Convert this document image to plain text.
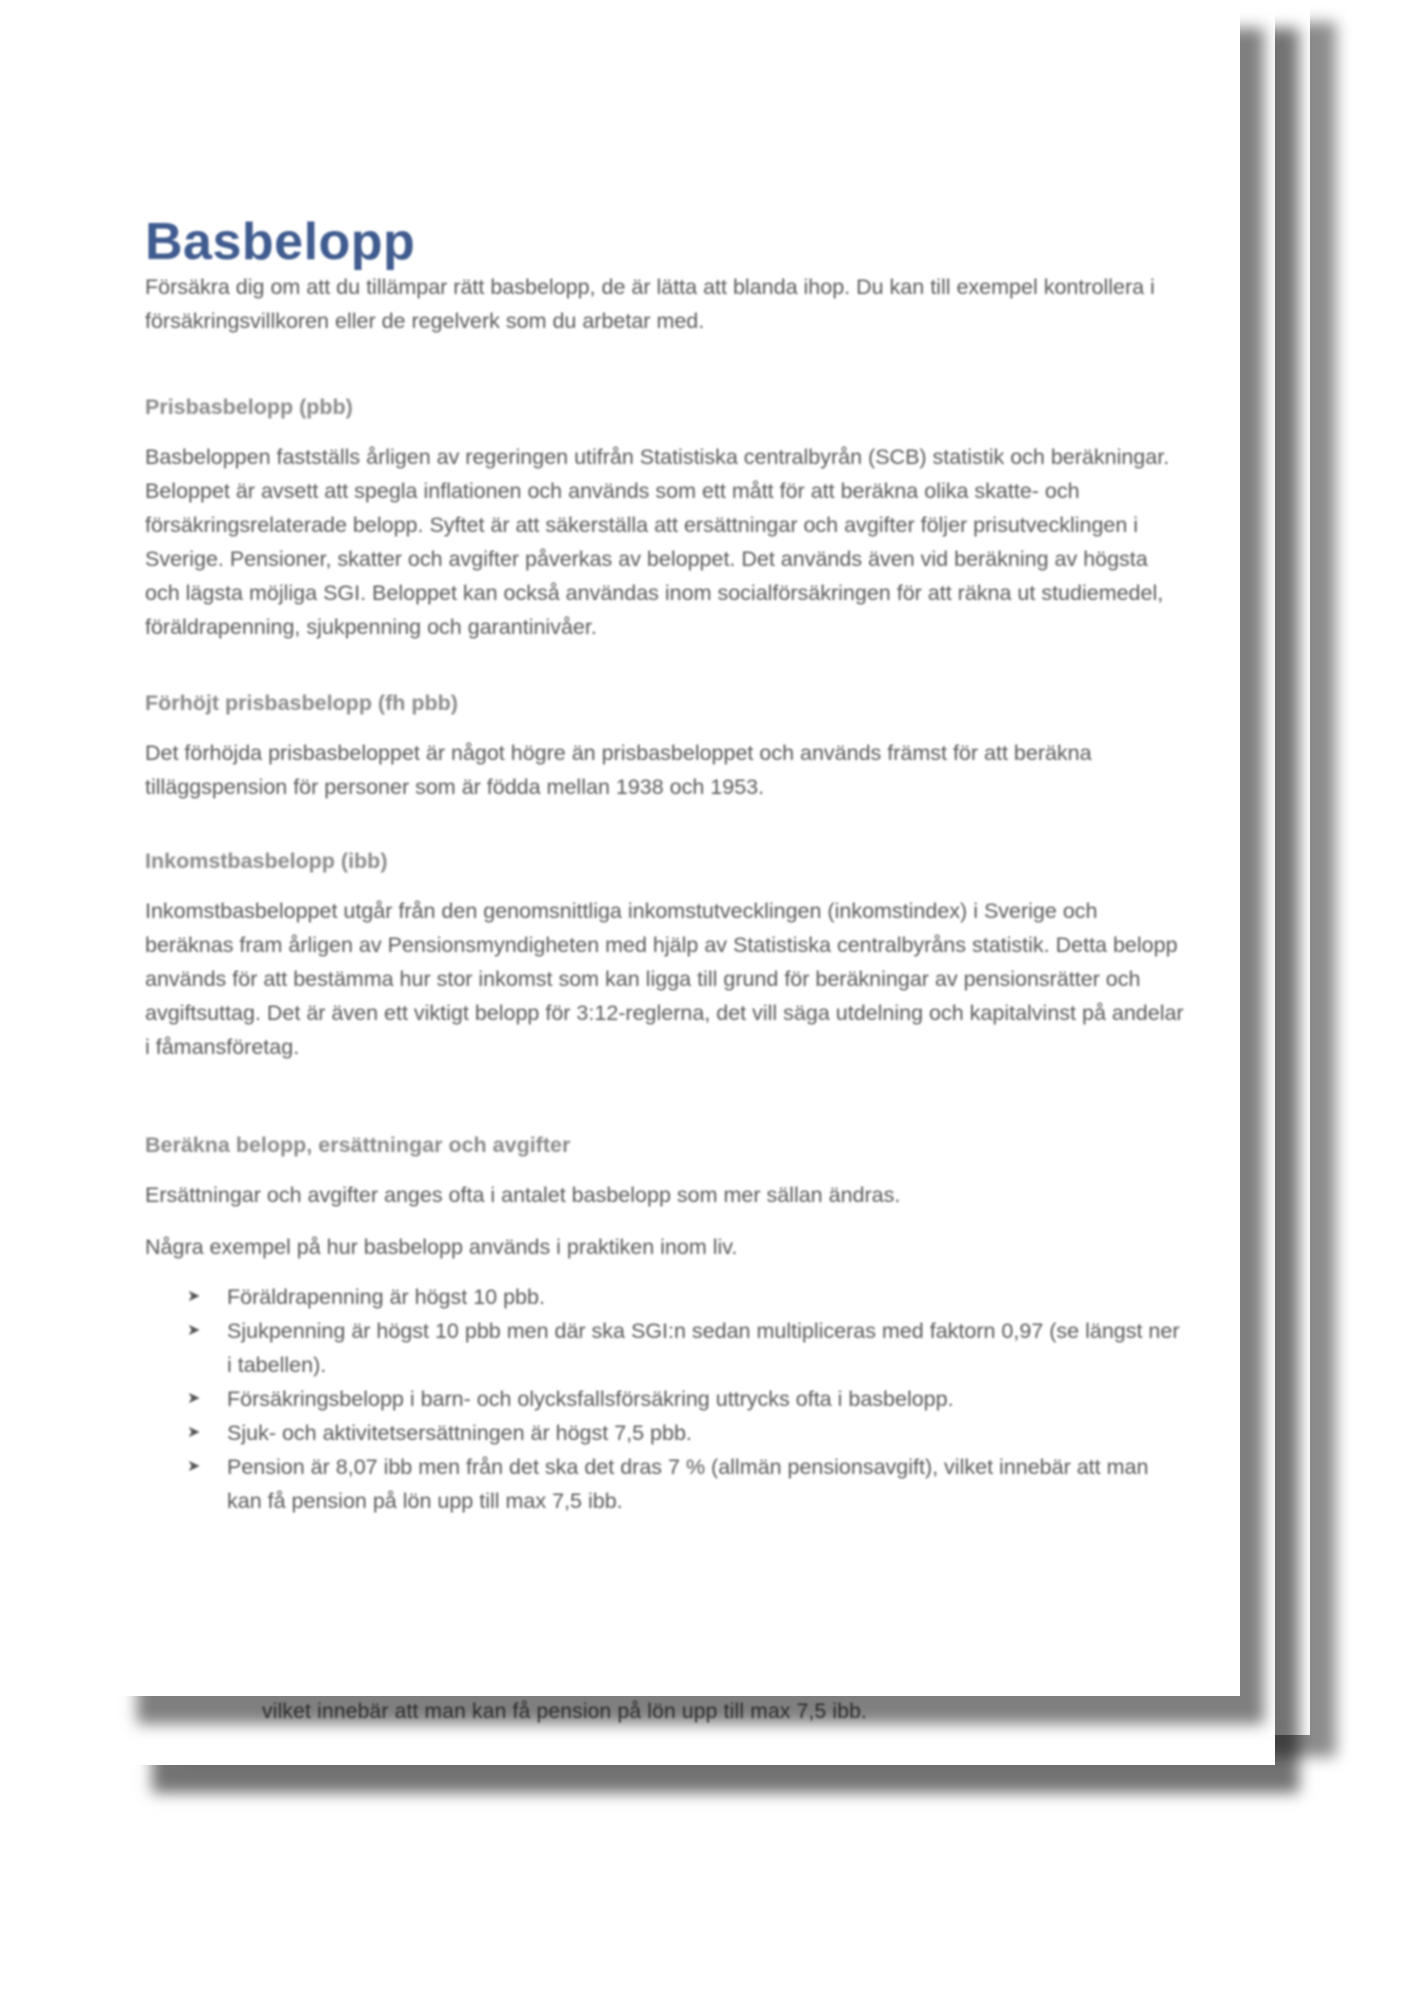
vilket innebär att man kan få pension på lön upp till max 7,5 ibb.
Basbelopp

Försäkra dig om att du tillämpar rätt basbelopp, de är lätta att blanda ihop. Du kan till exempel kontrollera i försäkringsvillkoren eller de regelverk som du arbetar med.

Prisbasbelopp (pbb)

Basbeloppen fastställs årligen av regeringen utifrån Statistiska centralbyrån (SCB) statistik och beräkningar. Beloppet är avsett att spegla inflationen och används som ett mått för att beräkna olika skatte- och försäkringsrelaterade belopp. Syftet är att säkerställa att ersättningar och avgifter följer prisutvecklingen i Sverige. Pensioner, skatter och avgifter påverkas av beloppet. Det används även vid beräkning av högsta och lägsta möjliga SGI. Beloppet kan också användas inom socialförsäkringen för att räkna ut studiemedel, föräldrapenning, sjukpenning och garantinivåer.

Förhöjt prisbasbelopp (fh pbb)

Det förhöjda prisbasbeloppet är något högre än prisbasbeloppet och används främst för att beräkna tilläggspension för personer som är födda mellan 1938 och 1953.

Inkomstbasbelopp (ibb)

Inkomstbasbeloppet utgår från den genomsnittliga inkomstutvecklingen (inkomstindex) i Sverige och beräknas fram årligen av Pensionsmyndigheten med hjälp av Statistiska centralbyråns statistik. Detta belopp används för att bestämma hur stor inkomst som kan ligga till grund för beräkningar av pensionsrätter och avgiftsuttag. Det är även ett viktigt belopp för 3:12-reglerna, det vill säga utdelning och kapitalvinst på andelar i fåmansföretag.

Beräkna belopp, ersättningar och avgifter

Ersättningar och avgifter anges ofta i antalet basbelopp som mer sällan ändras.

Några exempel på hur basbelopp används i praktiken inom liv.

➤ Föräldrapenning är högst 10 pbb.
➤ Sjukpenning är högst 10 pbb men där ska SGI:n sedan multipliceras med faktorn 0,97 (se längst ner i tabellen).
➤ Försäkringsbelopp i barn- och olycksfallsförsäkring uttrycks ofta i basbelopp.
➤ Sjuk- och aktivitetsersättningen är högst 7,5 pbb.
➤ Pension är 8,07 ibb men från det ska det dras 7 % (allmän pensionsavgift), vilket innebär att man kan få pension på lön upp till max 7,5 ibb.
